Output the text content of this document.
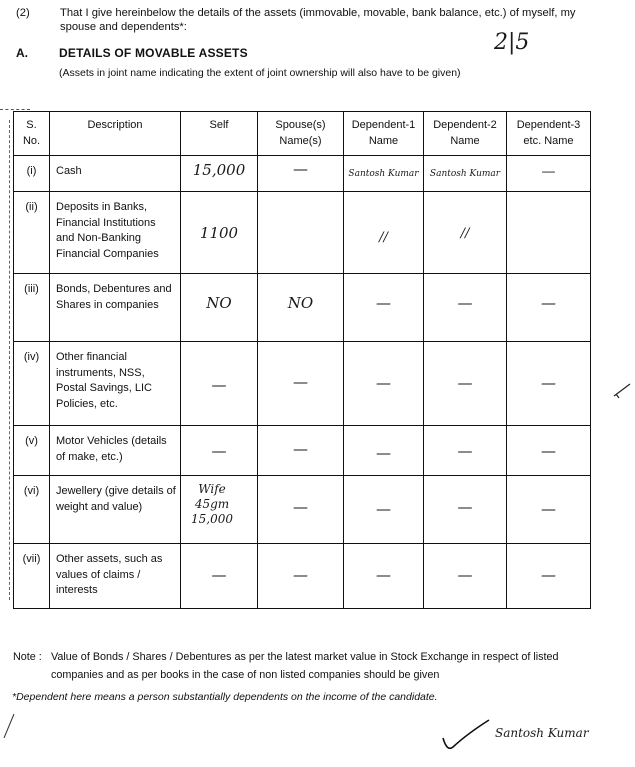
(2)	That I give hereinbelow the details of the assets (immovable, movable, bank balance, etc.) of myself, my spouse and dependents*:
2|5
A.	DETAILS OF MOVABLE ASSETS
(Assets in joint name indicating the extent of joint ownership will also have to be given)
S. No.	Description	Self	Spouse(s) Name(s)	Dependent-1 Name	Dependent-2 Name	Dependent-3 etc. Name
(i)	Cash	15,000	—	Santosh Kumar	Santosh Kumar	—

(ii)	Deposits in Banks, Financial Institutions and Non-Banking Financial Companies	1100		//	//	

(iii)	Bonds, Debentures and Shares in companies	NO	NO	—	—	—

(iv)	Other financial instruments, NSS, Postal Savings, LIC Policies, etc.	—	—	—	—	—

(v)	Motor Vehicles (details of make, etc.)	—	—	—	—	—

(vi)	Jewellery (give details of weight and value)	Wife 45gm 15,000	—	—	—	—

(vii)	Other assets, such as values of claims / interests	—	—	—	—	—
Note : Value of Bonds / Shares / Debentures as per the latest market value in Stock Exchange in respect of listed companies and as per books in the case of non listed companies should be given
*Dependent here means a person substantially dependents on the income of the candidate.
Santosh Kumar
